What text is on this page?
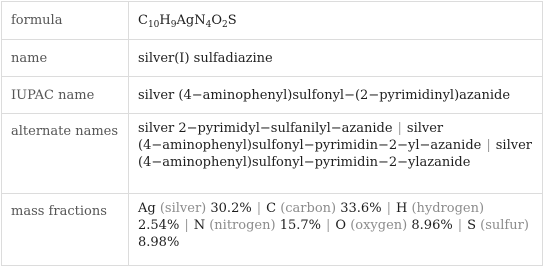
formula	$C_{10}H_9AgN_4O_2S$
name	silver(I) sulfadiazine
IUPAC name	silver (4−aminophenyl)sulfonyl−(2−pyrimidinyl)azanide
alternate names	silver 2−pyrimidyl−sulfanilyl−azanide | silver (4−aminophenyl)sulfonyl−pyrimidin−2−yl−azanide | silver (4−aminophenyl)sulfonyl−pyrimidin−2−ylazanide
mass fractions	Ag (silver) 30.2% | C (carbon) 33.6% | H (hydrogen) 2.54% | N (nitrogen) 15.7% | O (oxygen) 8.96% | S (sulfur) 8.98%
